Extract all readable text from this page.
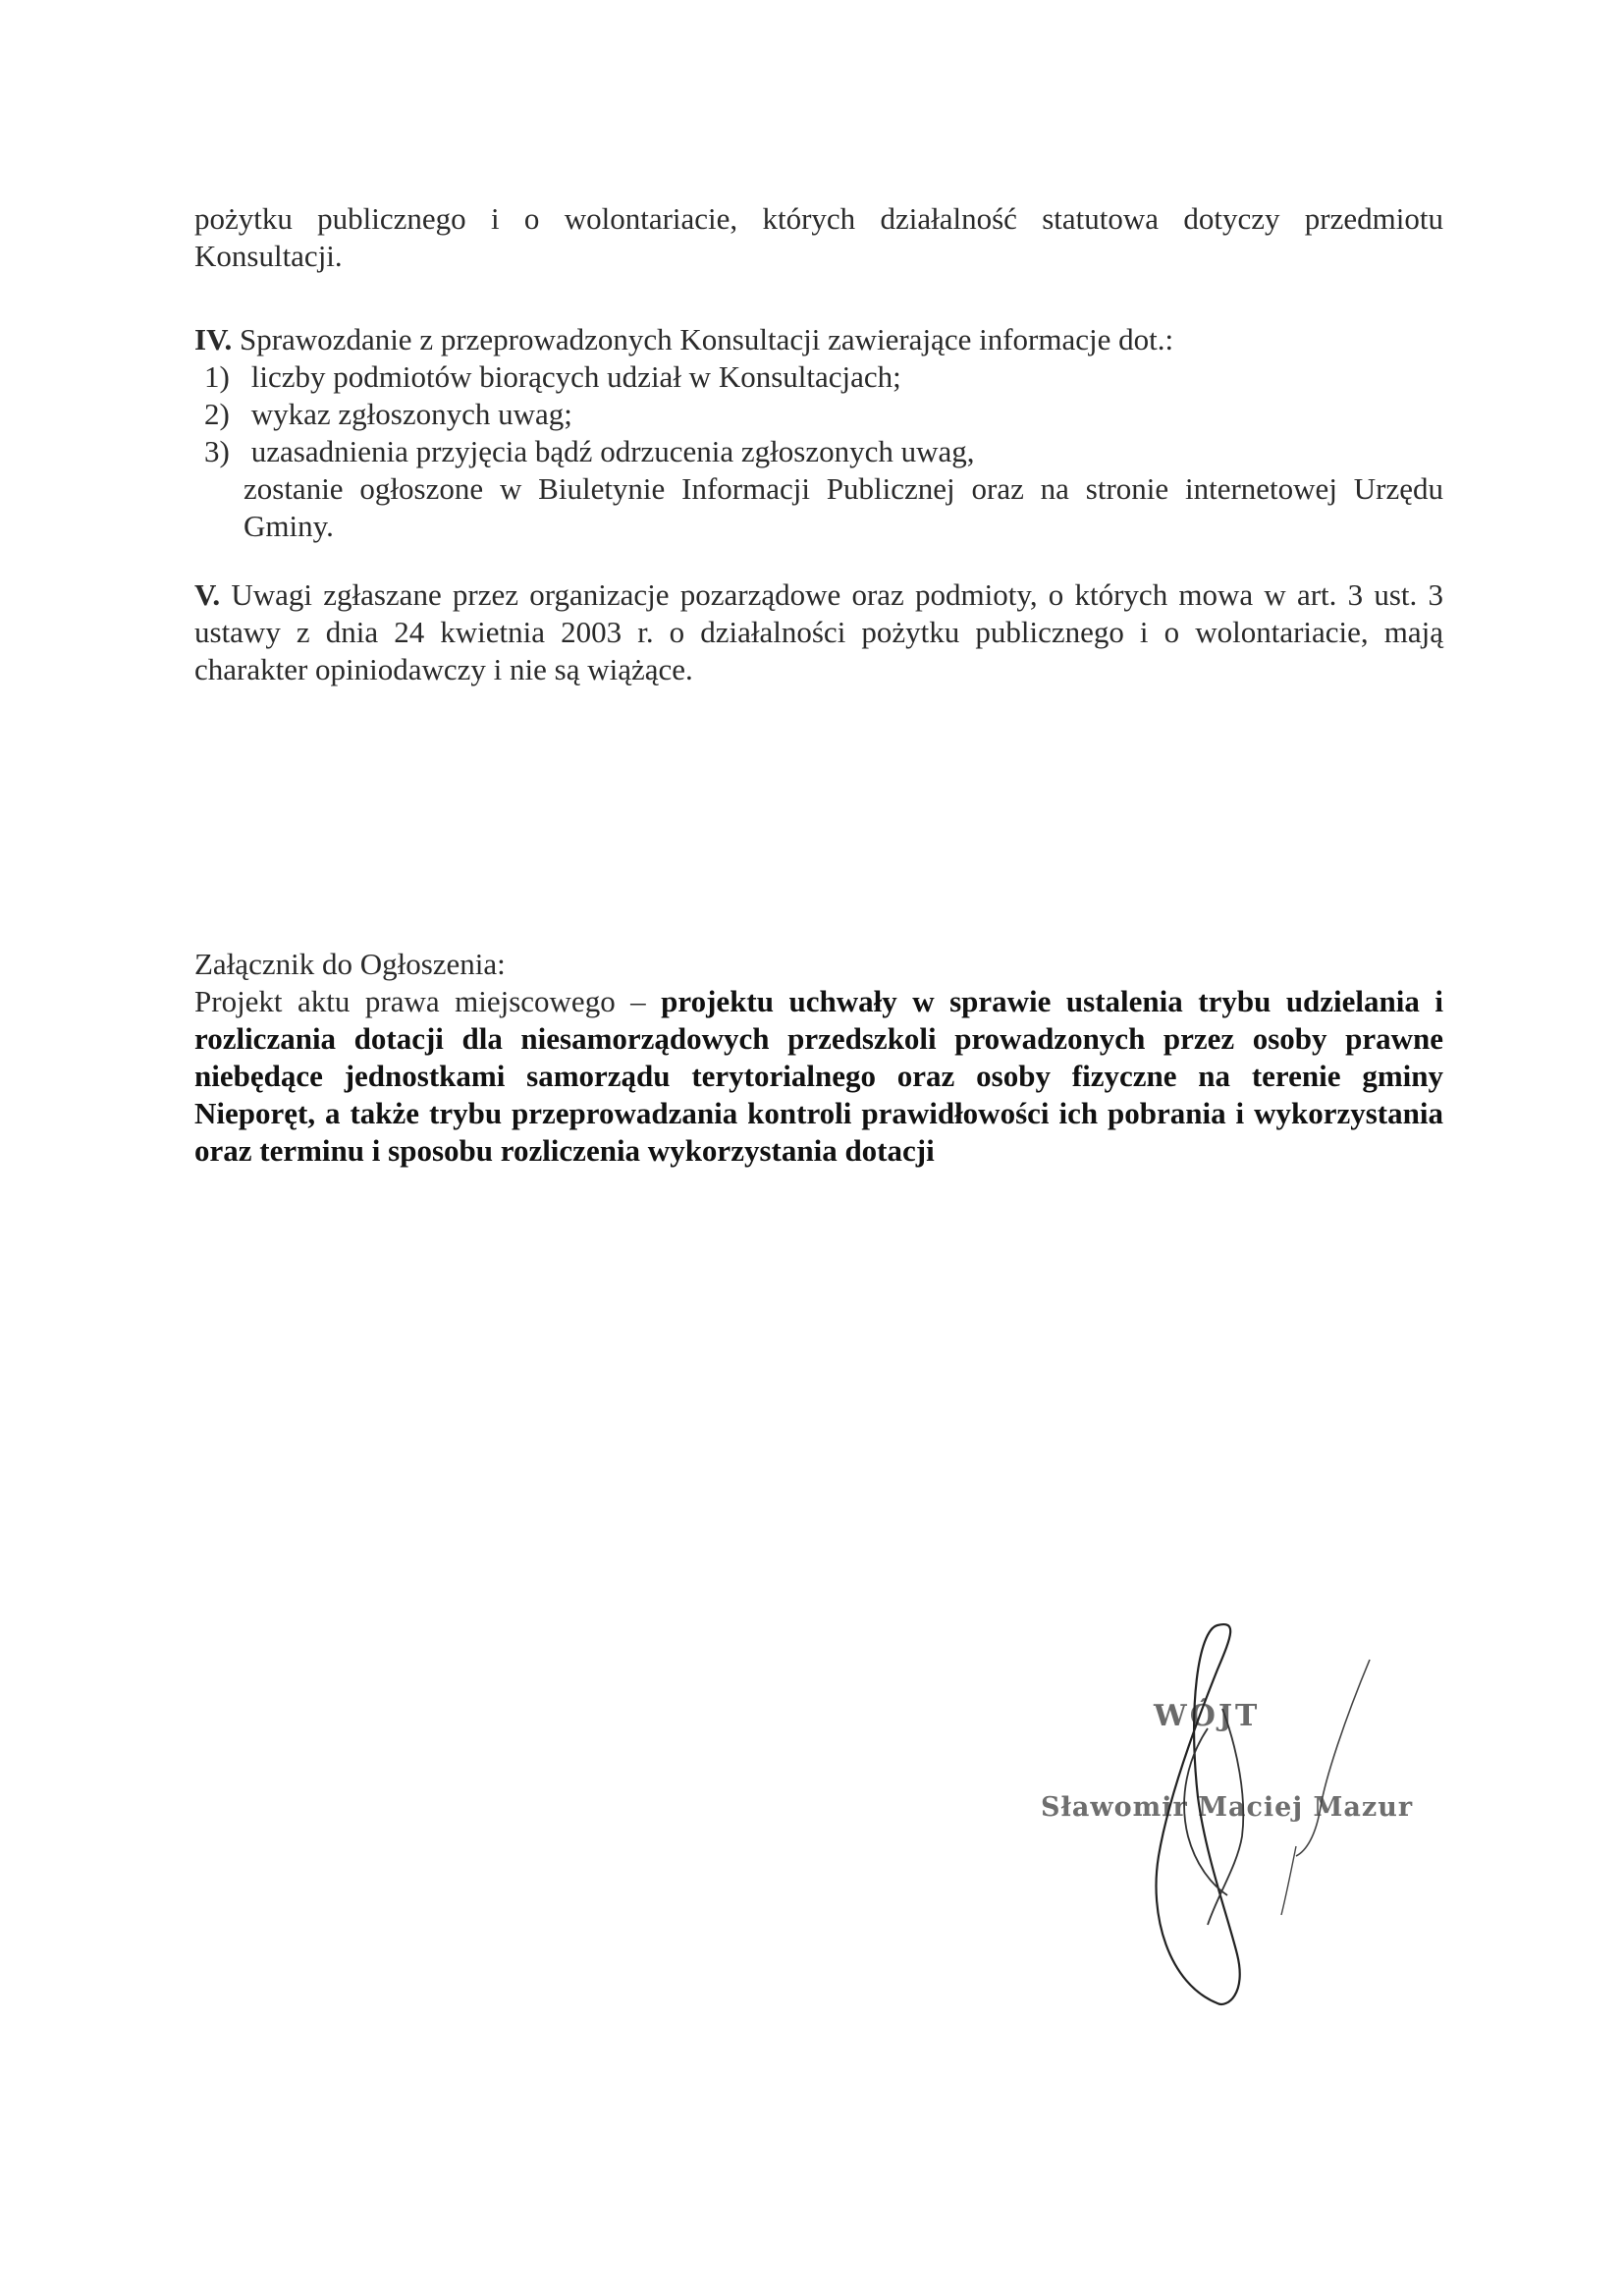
pożytku publicznego i o wolontariacie, których działalność statutowa dotyczy przedmiotu Konsultacji.
IV. Sprawozdanie z przeprowadzonych Konsultacji zawierające informacje dot.:
1) liczby podmiotów biorących udział w Konsultacjach;
2) wykaz zgłoszonych uwag;
3) uzasadnienia przyjęcia bądź odrzucenia zgłoszonych uwag,
zostanie ogłoszone w Biuletynie Informacji Publicznej oraz na stronie internetowej Urzędu Gminy.
V. Uwagi zgłaszane przez organizacje pozarządowe oraz podmioty, o których mowa w art. 3 ust. 3 ustawy z dnia 24 kwietnia 2003 r. o działalności pożytku publicznego i o wolontariacie, mają charakter opiniodawczy i nie są wiążące.
Załącznik do Ogłoszenia:
Projekt aktu prawa miejscowego – projektu uchwały w sprawie ustalenia trybu udzielania i rozliczania dotacji dla niesamorządowych przedszkoli prowadzonych przez osoby prawne niebędące jednostkami samorządu terytorialnego oraz osoby fizyczne na terenie gminy Nieporęt, a także trybu przeprowadzania kontroli prawidłowości ich pobrania i wykorzystania oraz terminu i sposobu rozliczenia wykorzystania dotacji
WÓJT
Sławomir Maciej Mazur
